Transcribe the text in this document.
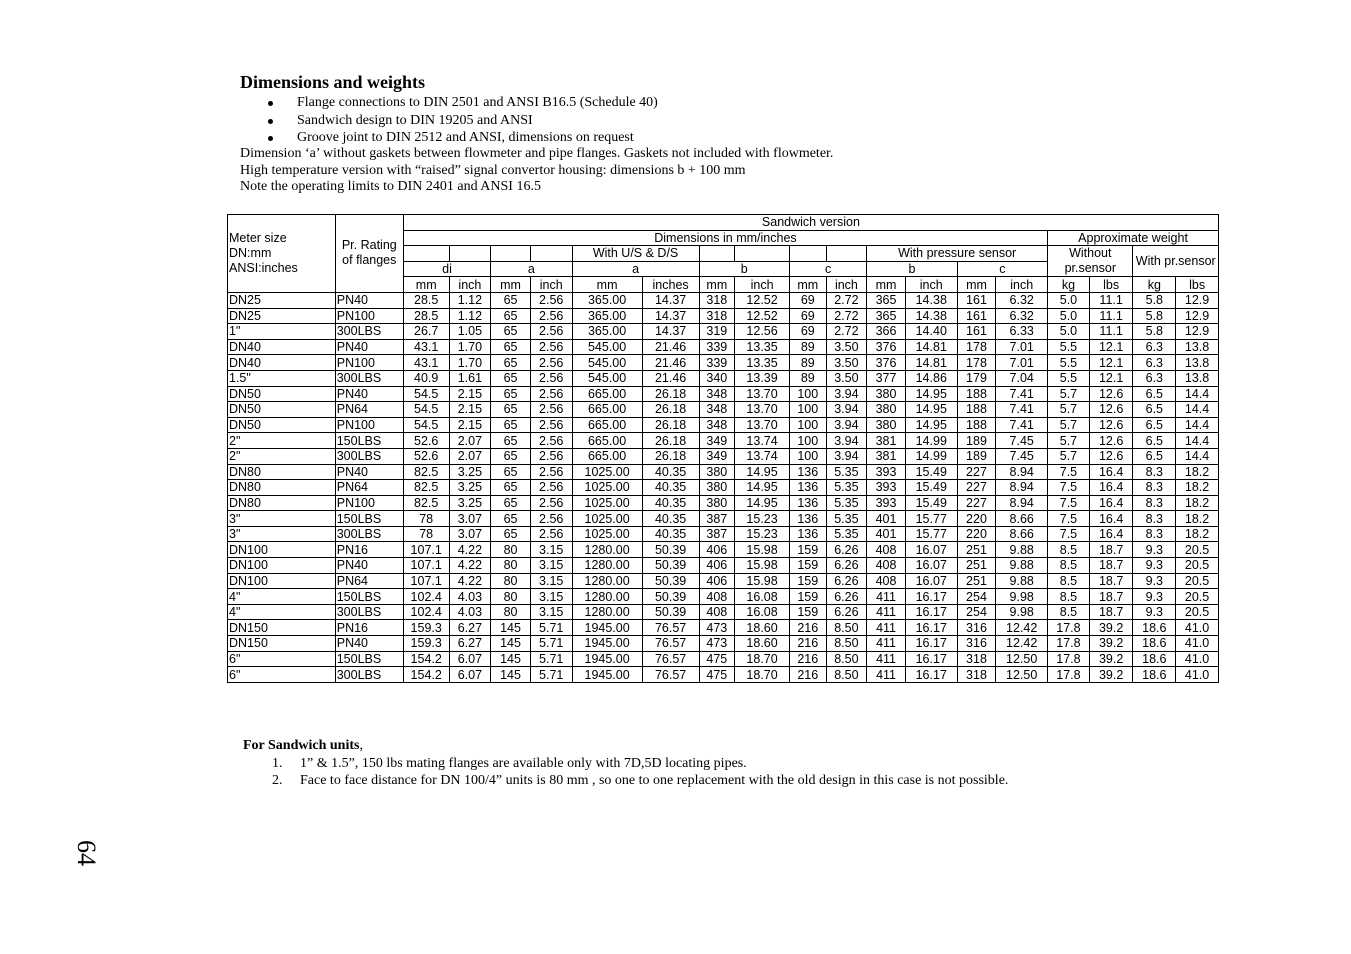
Dimensions and weights
Flange connections to DIN 2501 and ANSI B16.5 (Schedule 40)
Sandwich design to DIN 19205 and ANSI
Groove joint to DIN 2512 and ANSI, dimensions on request
Dimension ‘a’ without gaskets between flowmeter and pipe flanges. Gaskets not included with flowmeter.
High temperature version with “raised” signal convertor housing: dimensions b + 100 mm
Note the operating limits to DIN 2401 and ANSI 16.5
Meter size
DN:mm
ANSI:inches	Pr. Rating
of flanges	Sandwich version																	
		Dimensions in mm/inches														Approximate weight			
						With U/S & D/S						With pressure sensor				Without
pr.sensor		With pr.sensor	
		di		a		a		b		c		b		c					
		mm	inch	mm	inch	mm	inches	mm	inch	mm	inch	mm	inch	mm	inch	kg	lbs	kg	lbs
DN25	PN40	28.5	1.12	65	2.56	365.00	14.37	318	12.52	69	2.72	365	14.38	161	6.32	5.0	11.1	5.8	12.9
DN25	PN100	28.5	1.12	65	2.56	365.00	14.37	318	12.52	69	2.72	365	14.38	161	6.32	5.0	11.1	5.8	12.9
1"	300LBS	26.7	1.05	65	2.56	365.00	14.37	319	12.56	69	2.72	366	14.40	161	6.33	5.0	11.1	5.8	12.9
DN40	PN40	43.1	1.70	65	2.56	545.00	21.46	339	13.35	89	3.50	376	14.81	178	7.01	5.5	12.1	6.3	13.8
DN40	PN100	43.1	1.70	65	2.56	545.00	21.46	339	13.35	89	3.50	376	14.81	178	7.01	5.5	12.1	6.3	13.8
1.5"	300LBS	40.9	1.61	65	2.56	545.00	21.46	340	13.39	89	3.50	377	14.86	179	7.04	5.5	12.1	6.3	13.8
DN50	PN40	54.5	2.15	65	2.56	665.00	26.18	348	13.70	100	3.94	380	14.95	188	7.41	5.7	12.6	6.5	14.4
DN50	PN64	54.5	2.15	65	2.56	665.00	26.18	348	13.70	100	3.94	380	14.95	188	7.41	5.7	12.6	6.5	14.4
DN50	PN100	54.5	2.15	65	2.56	665.00	26.18	348	13.70	100	3.94	380	14.95	188	7.41	5.7	12.6	6.5	14.4
2"	150LBS	52.6	2.07	65	2.56	665.00	26.18	349	13.74	100	3.94	381	14.99	189	7.45	5.7	12.6	6.5	14.4
2"	300LBS	52.6	2.07	65	2.56	665.00	26.18	349	13.74	100	3.94	381	14.99	189	7.45	5.7	12.6	6.5	14.4
DN80	PN40	82.5	3.25	65	2.56	1025.00	40.35	380	14.95	136	5.35	393	15.49	227	8.94	7.5	16.4	8.3	18.2
DN80	PN64	82.5	3.25	65	2.56	1025.00	40.35	380	14.95	136	5.35	393	15.49	227	8.94	7.5	16.4	8.3	18.2
DN80	PN100	82.5	3.25	65	2.56	1025.00	40.35	380	14.95	136	5.35	393	15.49	227	8.94	7.5	16.4	8.3	18.2
3"	150LBS	78	3.07	65	2.56	1025.00	40.35	387	15.23	136	5.35	401	15.77	220	8.66	7.5	16.4	8.3	18.2
3"	300LBS	78	3.07	65	2.56	1025.00	40.35	387	15.23	136	5.35	401	15.77	220	8.66	7.5	16.4	8.3	18.2
DN100	PN16	107.1	4.22	80	3.15	1280.00	50.39	406	15.98	159	6.26	408	16.07	251	9.88	8.5	18.7	9.3	20.5
DN100	PN40	107.1	4.22	80	3.15	1280.00	50.39	406	15.98	159	6.26	408	16.07	251	9.88	8.5	18.7	9.3	20.5
DN100	PN64	107.1	4.22	80	3.15	1280.00	50.39	406	15.98	159	6.26	408	16.07	251	9.88	8.5	18.7	9.3	20.5
4"	150LBS	102.4	4.03	80	3.15	1280.00	50.39	408	16.08	159	6.26	411	16.17	254	9.98	8.5	18.7	9.3	20.5
4"	300LBS	102.4	4.03	80	3.15	1280.00	50.39	408	16.08	159	6.26	411	16.17	254	9.98	8.5	18.7	9.3	20.5
DN150	PN16	159.3	6.27	145	5.71	1945.00	76.57	473	18.60	216	8.50	411	16.17	316	12.42	17.8	39.2	18.6	41.0
DN150	PN40	159.3	6.27	145	5.71	1945.00	76.57	473	18.60	216	8.50	411	16.17	316	12.42	17.8	39.2	18.6	41.0
6"	150LBS	154.2	6.07	145	5.71	1945.00	76.57	475	18.70	216	8.50	411	16.17	318	12.50	17.8	39.2	18.6	41.0
6"	300LBS	154.2	6.07	145	5.71	1945.00	76.57	475	18.70	216	8.50	411	16.17	318	12.50	17.8	39.2	18.6	41.0
For Sandwich units,
1. 1” & 1.5”, 150 lbs mating flanges are available only with 7D,5D locating pipes.
2. Face to face distance for DN 100/4” units is 80 mm , so one to one replacement with the old design in this case is not possible.
64
